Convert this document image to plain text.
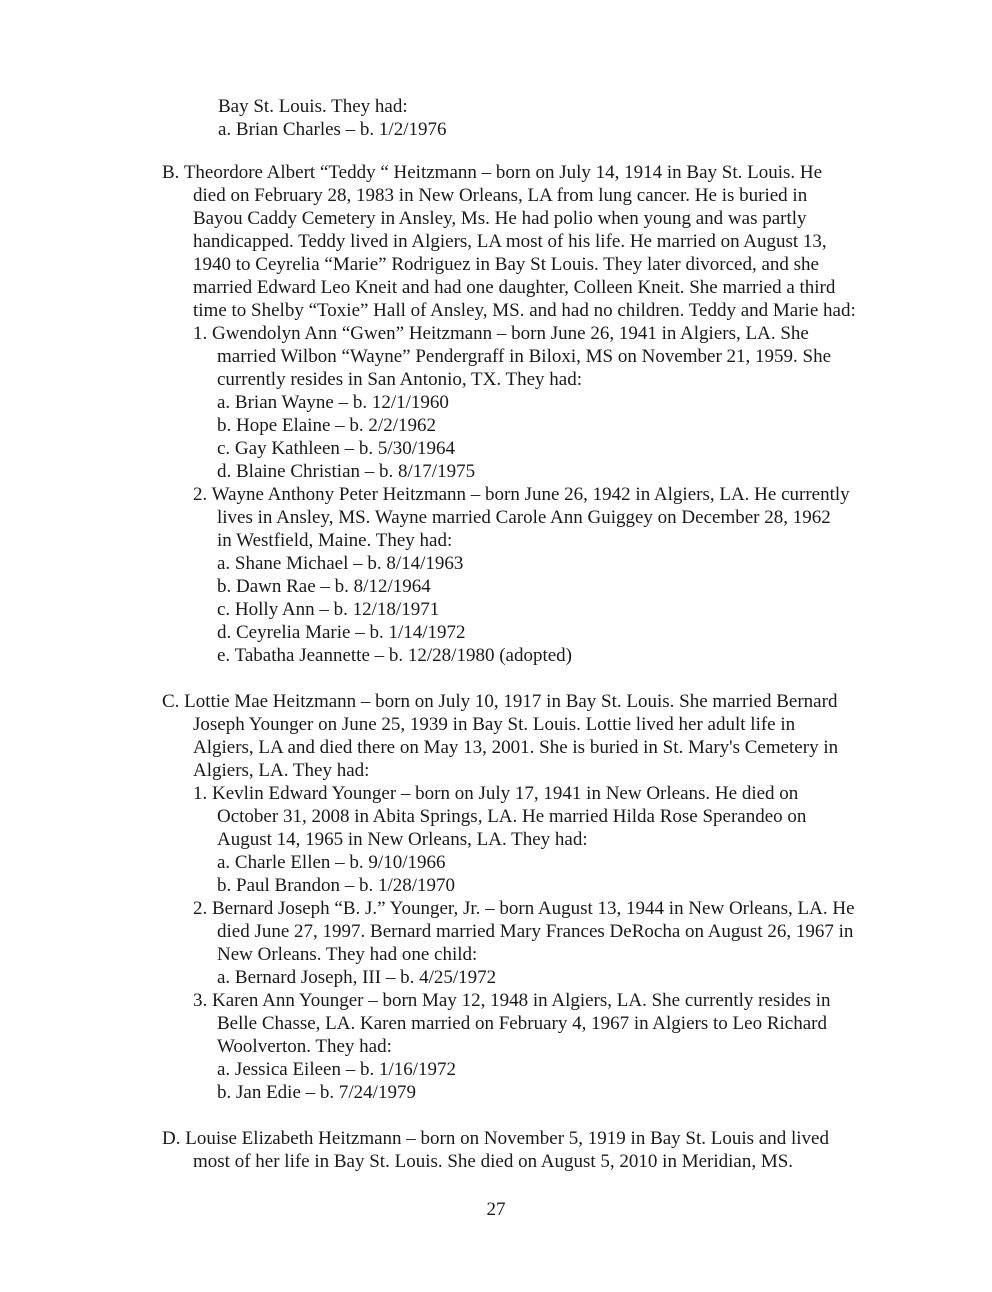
Bay St. Louis. They had:
a. Brian Charles – b. 1/2/1976
B. Theordore Albert “Teddy “ Heitzmann – born on July 14, 1914 in Bay St. Louis. He
died on February 28, 1983 in New Orleans, LA from lung cancer. He is buried in
Bayou Caddy Cemetery in Ansley, Ms. He had polio when young and was partly
handicapped. Teddy lived in Algiers, LA most of his life. He married on August 13,
1940 to Ceyrelia “Marie” Rodriguez in Bay St Louis. They later divorced, and she
married Edward Leo Kneit and had one daughter, Colleen Kneit. She married a third
time to Shelby “Toxie” Hall of Ansley, MS. and had no children. Teddy and Marie had:
1. Gwendolyn Ann “Gwen” Heitzmann – born June 26, 1941 in Algiers, LA. She
married Wilbon “Wayne” Pendergraff in Biloxi, MS on November 21, 1959. She
currently resides in San Antonio, TX. They had:
a. Brian Wayne – b. 12/1/1960
b. Hope Elaine – b. 2/2/1962
c. Gay Kathleen – b. 5/30/1964
d. Blaine Christian – b. 8/17/1975
2. Wayne Anthony Peter Heitzmann – born June 26, 1942 in Algiers, LA. He currently
lives in Ansley, MS. Wayne married Carole Ann Guiggey on December 28, 1962
in Westfield, Maine. They had:
a. Shane Michael – b. 8/14/1963
b. Dawn Rae – b. 8/12/1964
c. Holly Ann – b. 12/18/1971
d. Ceyrelia Marie – b. 1/14/1972
e. Tabatha Jeannette – b. 12/28/1980 (adopted)
C. Lottie Mae Heitzmann – born on July 10, 1917 in Bay St. Louis. She married Bernard
Joseph Younger on June 25, 1939 in Bay St. Louis. Lottie lived her adult life in
Algiers, LA and died there on May 13, 2001. She is buried in St. Mary's Cemetery in
Algiers, LA. They had:
1. Kevlin Edward Younger – born on July 17, 1941 in New Orleans. He died on
October 31, 2008 in Abita Springs, LA. He married Hilda Rose Sperandeo on
August 14, 1965 in New Orleans, LA. They had:
a. Charle Ellen – b. 9/10/1966
b. Paul Brandon – b. 1/28/1970
2. Bernard Joseph “B. J.” Younger, Jr. – born August 13, 1944 in New Orleans, LA. He
died June 27, 1997. Bernard married Mary Frances DeRocha on August 26, 1967 in
New Orleans. They had one child:
a. Bernard Joseph, III – b. 4/25/1972
3. Karen Ann Younger – born May 12, 1948 in Algiers, LA. She currently resides in
Belle Chasse, LA. Karen married on February 4, 1967 in Algiers to Leo Richard
Woolverton. They had:
a. Jessica Eileen – b. 1/16/1972
b. Jan Edie – b. 7/24/1979
D. Louise Elizabeth Heitzmann – born on November 5, 1919 in Bay St. Louis and lived
most of her life in Bay St. Louis. She died on August 5, 2010 in Meridian, MS.
27
